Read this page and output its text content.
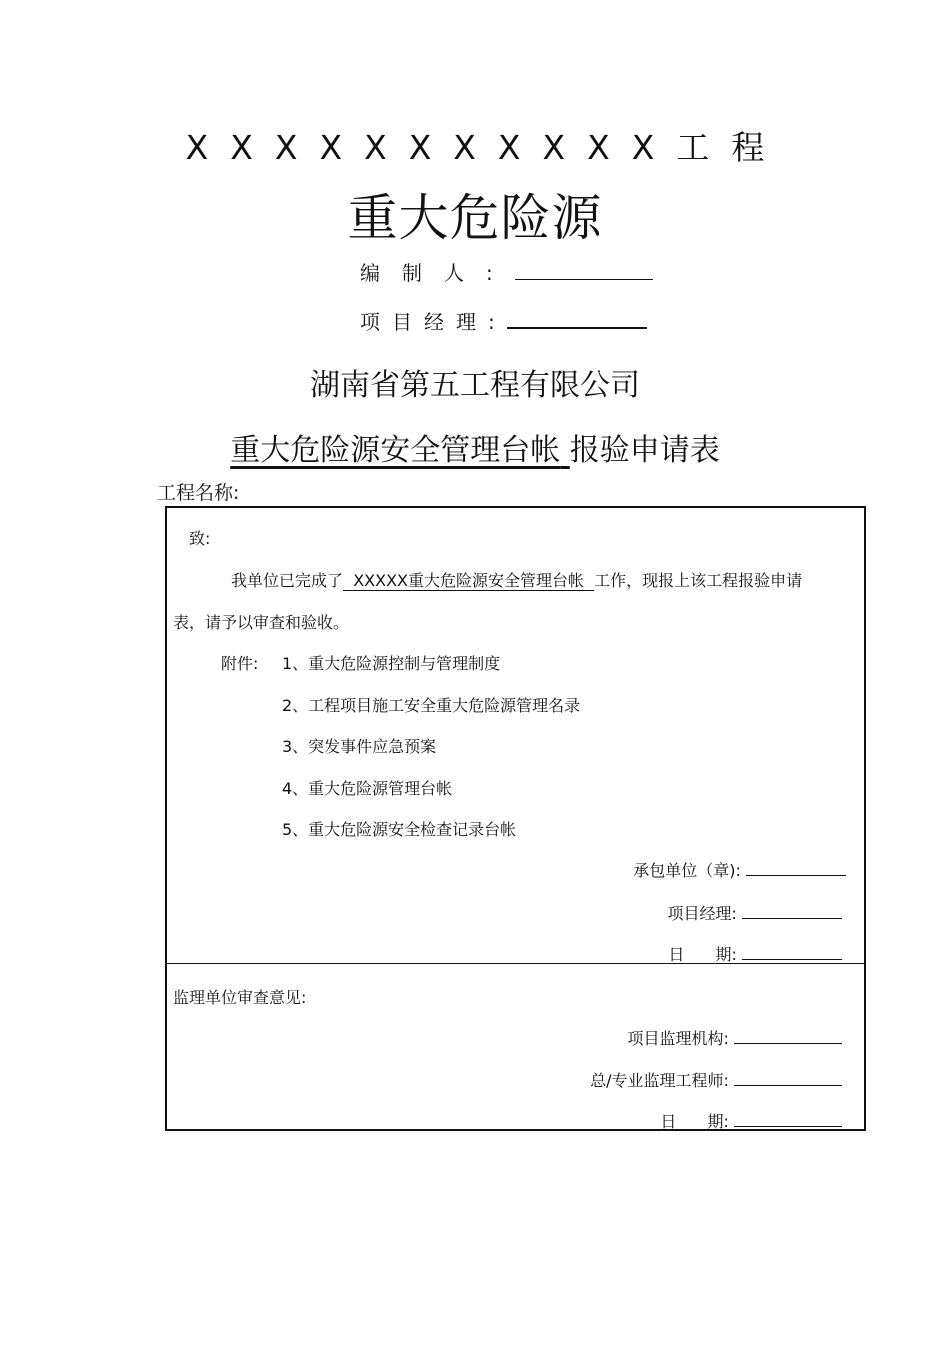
XXXXXXXXXXX工程
重大危险源
编制人:
项目经理:
湖南省第五工程有限公司
重大危险源安全管理台帐 报验申请表
工程名称:
致:
我单位已完成了 XXXXX重大危险源安全管理台帐 工作，现报上该工程报验申请
表，请予以审查和验收。
附件: 1、重大危险源控制与管理制度
2、工程项目施工安全重大危险源管理名录
3、突发事件应急预案
4、重大危险源管理台帐
5、重大危险源安全检查记录台帐
承包单位（章):
项目经理:
日 期:
监理单位审查意见:
项目监理机构:
总/专业监理工程师:
日 期:
